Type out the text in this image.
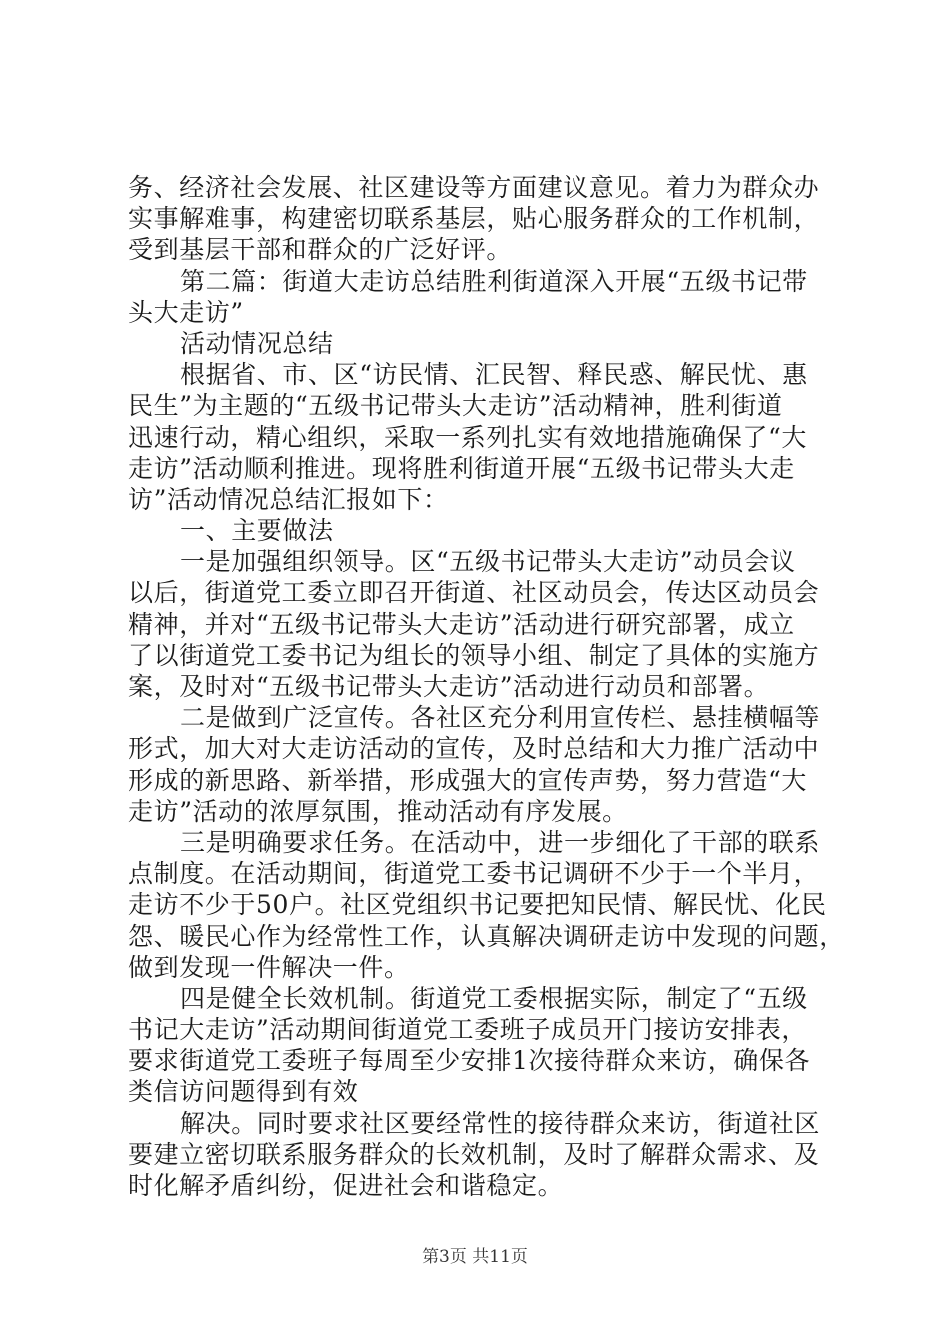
务、经济社会发展、社区建设等方面建议意见。着力为群众办
实事解难事，构建密切联系基层，贴心服务群众的工作机制，
受到基层干部和群众的广泛好评。
第二篇：街道大走访总结胜利街道深入开展“五级书记带
头大走访”
活动情况总结
根据省、市、区“访民情、汇民智、释民惑、解民忧、惠
民生”为主题的“五级书记带头大走访”活动精神，胜利街道
迅速行动，精心组织，采取一系列扎实有效地措施确保了“大
走访”活动顺利推进。现将胜利街道开展“五级书记带头大走
访”活动情况总结汇报如下：
一、主要做法
一是加强组织领导。区“五级书记带头大走访”动员会议
以后，街道党工委立即召开街道、社区动员会，传达区动员会
精神，并对“五级书记带头大走访”活动进行研究部署，成立
了以街道党工委书记为组长的领导小组、制定了具体的实施方
案，及时对“五级书记带头大走访”活动进行动员和部署。
二是做到广泛宣传。各社区充分利用宣传栏、悬挂横幅等
形式，加大对大走访活动的宣传，及时总结和大力推广活动中
形成的新思路、新举措，形成强大的宣传声势，努力营造“大
走访”活动的浓厚氛围，推动活动有序发展。
三是明确要求任务。在活动中，进一步细化了干部的联系
点制度。在活动期间，街道党工委书记调研不少于一个半月，
走访不少于50户。社区党组织书记要把知民情、解民忧、化民
怨、暖民心作为经常性工作，认真解决调研走访中发现的问题，
做到发现一件解决一件。
四是健全长效机制。街道党工委根据实际，制定了“五级
书记大走访”活动期间街道党工委班子成员开门接访安排表，
要求街道党工委班子每周至少安排1次接待群众来访，确保各
类信访问题得到有效
解决。同时要求社区要经常性的接待群众来访，街道社区
要建立密切联系服务群众的长效机制，及时了解群众需求、及
时化解矛盾纠纷，促进社会和谐稳定。
第3页 共11页
